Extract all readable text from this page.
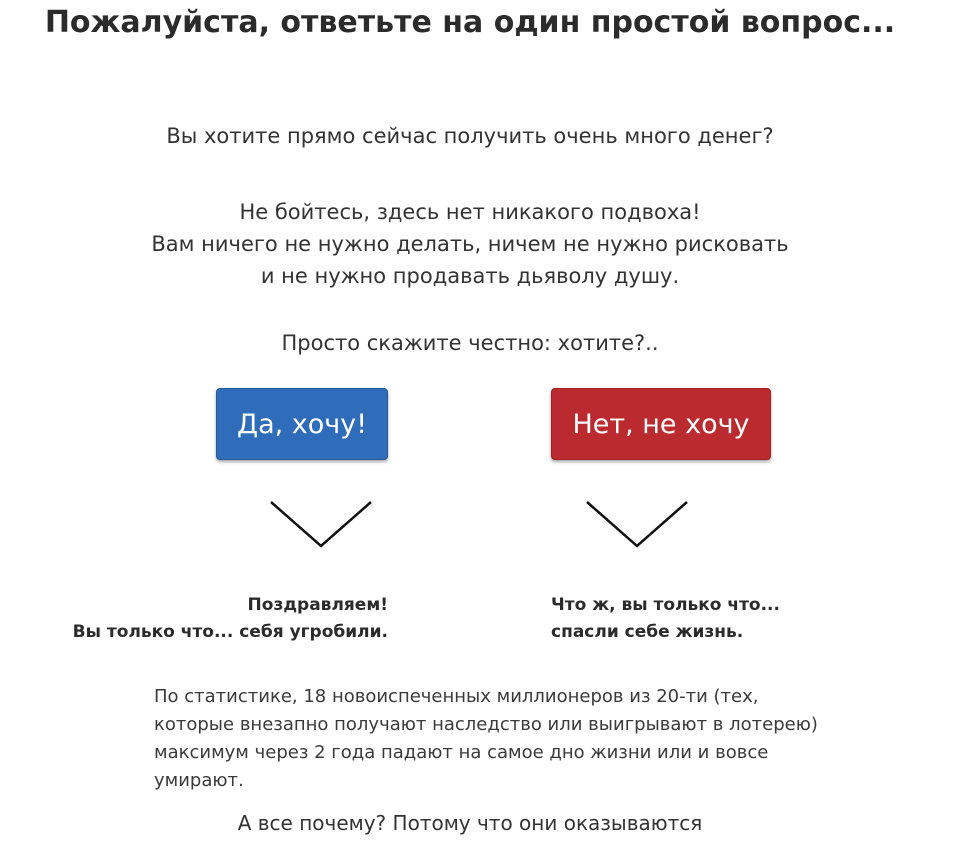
Пожалуйста, ответьте на один простой вопрос...

Вы хотите прямо сейчас получить очень много денег?

Не бойтесь, здесь нет никакого подвоха!

Вам ничего не нужно делать, ничем не нужно рисковать

и не нужно продавать дьяволу душу.

Просто скажите честно: хотите?..

Да, хочу!	Нет, не хочу
Поздравляем!
Вы только что... себя угробили.
Что ж, вы только что...
спасли себе жизнь.

По статистике, 18 новоиспеченных миллионеров из 20-ти (тех, которые внезапно получают наследство или выигрывают в лотерею) максимум через 2 года падают на самое дно жизни или и вовсе умирают.

А все почему? Потому что они оказываются
